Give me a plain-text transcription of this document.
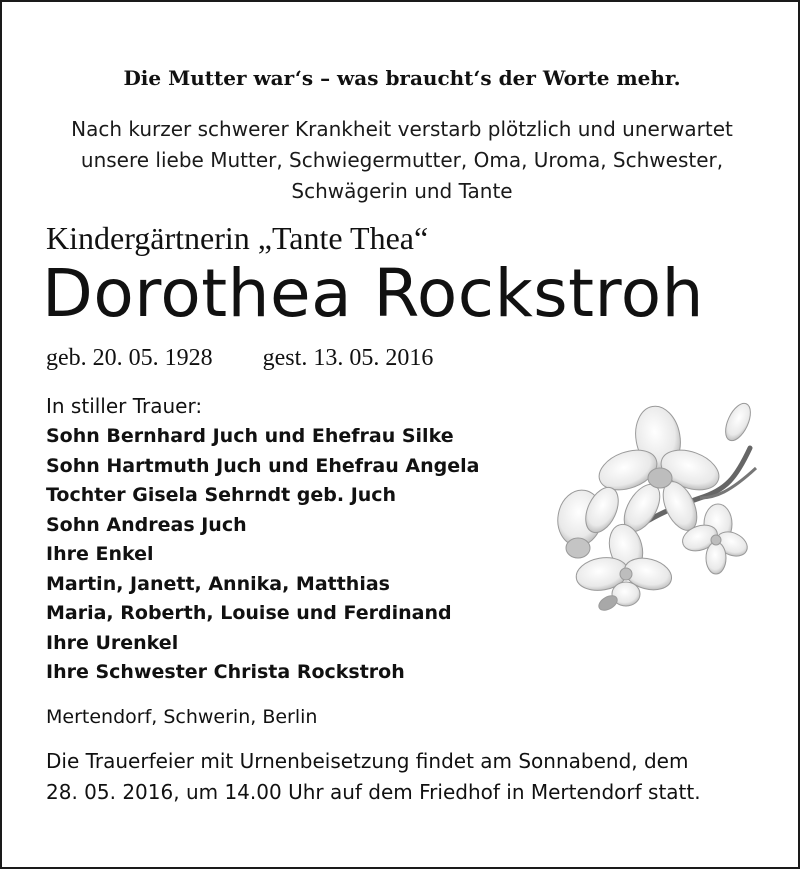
Die Mutter war‘s – was braucht‘s der Worte mehr.
Nach kurzer schwerer Krankheit verstarb plötzlich und unerwartet
unsere liebe Mutter, Schwiegermutter, Oma, Uroma, Schwester,
Schwägerin und Tante
Kindergärtnerin „Tante Thea“
Dorothea Rockstroh
geb. 20. 05. 1928 gest. 13. 05. 2016
In stiller Trauer:
Sohn Bernhard Juch und Ehefrau Silke
Sohn Hartmuth Juch und Ehefrau Angela
Tochter Gisela Sehrndt geb. Juch
Sohn Andreas Juch
Ihre Enkel
Martin, Janett, Annika, Matthias
Maria, Roberth, Louise und Ferdinand
Ihre Urenkel
Ihre Schwester Christa Rockstroh
Mertendorf, Schwerin, Berlin
Die Trauerfeier mit Urnenbeisetzung findet am Sonnabend, dem
28. 05. 2016, um 14.00 Uhr auf dem Friedhof in Mertendorf statt.
